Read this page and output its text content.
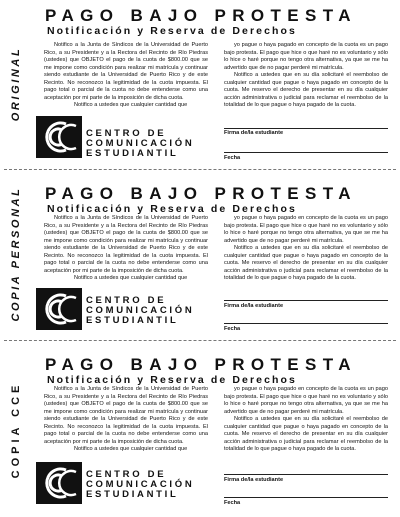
ORIGINAL
PAGO BAJO PROTESTA
Notificación y Reserva de Derechos

Notifico a la Junta de Síndicos de la Universidad de Puerto Rico, a su Presidente y a la Rectora del Recinto de Río Piedras (ustedes) que OBJETO el pago de la cuota de $800.00 que se me impone como condición para realizar mi matrícula y continuar siendo estudiante de la Universidad de Puerto Rico y de este Recinto. No reconozco la legitimidad de la cuota impuesta. El pago total o parcial de la cuota no debe entenderse como una aceptación por mi parte de la imposición de dicha cuota.

Notifico a ustedes que cualquier cantidad que

yo pague o haya pagado en concepto de la cuota es un pago bajo protesta. El pago que hice o que haré no es voluntario y sólo lo hice o haré porque no tengo otra alternativa, ya que se me ha advertido que de no pagar perderé mi matrícula.

Notifico a ustedes que en su día solicitaré el reembolso de cualquier cantidad que pague o haya pagado en concepto de la cuota. Me reservo el derecho de presentar en su día cualquier acción administrativa o judicial para reclamar el reembolso de la totalidad de lo que pague o haya pagado de la cuota.

CENTRO DE
COMUNICACIÓN
ESTUDIANTIL
Firma de/la estudiante
Fecha
COPIA PERSONAL PAGO BAJO PROTESTA
Notificación y Reserva de Derechos

Notifico a la Junta de Síndicos de la Universidad de Puerto Rico, a su Presidente y a la Rectora del Recinto de Río Piedras (ustedes) que OBJETO el pago de la cuota de $800.00 que se me impone como condición para realizar mi matrícula y continuar siendo estudiante de la Universidad de Puerto Rico y de este Recinto. No reconozco la legitimidad de la cuota impuesta. El pago total o parcial de la cuota no debe entenderse como una aceptación por mi parte de la imposición de dicha cuota.

Notifico a ustedes que cualquier cantidad que

yo pague o haya pagado en concepto de la cuota es un pago bajo protesta. El pago que hice o que haré no es voluntario y sólo lo hice o haré porque no tengo otra alternativa, ya que se me ha advertido que de no pagar perderé mi matrícula.

Notifico a ustedes que en su día solicitaré el reembolso de cualquier cantidad que pague o haya pagado en concepto de la cuota. Me reservo el derecho de presentar en su día cualquier acción administrativa o judicial para reclamar el reembolso de la totalidad de lo que pague o haya pagado de la cuota.

CENTRO DE
COMUNICACIÓN
ESTUDIANTIL
Firma de/la estudiante
Fecha
COPIA CCE
PAGO BAJO PROTESTA
Notificación y Reserva de Derechos

Notifico a la Junta de Síndicos de la Universidad de Puerto Rico, a su Presidente y a la Rectora del Recinto de Río Piedras (ustedes) que OBJETO el pago de la cuota de $800.00 que se me impone como condición para realizar mi matrícula y continuar siendo estudiante de la Universidad de Puerto Rico y de este Recinto. No reconozco la legitimidad de la cuota impuesta. El pago total o parcial de la cuota no debe entenderse como una aceptación por mi parte de la imposición de dicha cuota.

Notifico a ustedes que cualquier cantidad que

yo pague o haya pagado en concepto de la cuota es un pago bajo protesta. El pago que hice o que haré no es voluntario y sólo lo hice o haré porque no tengo otra alternativa, ya que se me ha advertido que de no pagar perderé mi matrícula.

Notifico a ustedes que en su día solicitaré el reembolso de cualquier cantidad que pague o haya pagado en concepto de la cuota. Me reservo el derecho de presentar en su día cualquier acción administrativa o judicial para reclamar el reembolso de la totalidad de lo que pague o haya pagado de la cuota.

CENTRO DE
COMUNICACIÓN
ESTUDIANTIL
Firma de/la estudiante
Fecha
